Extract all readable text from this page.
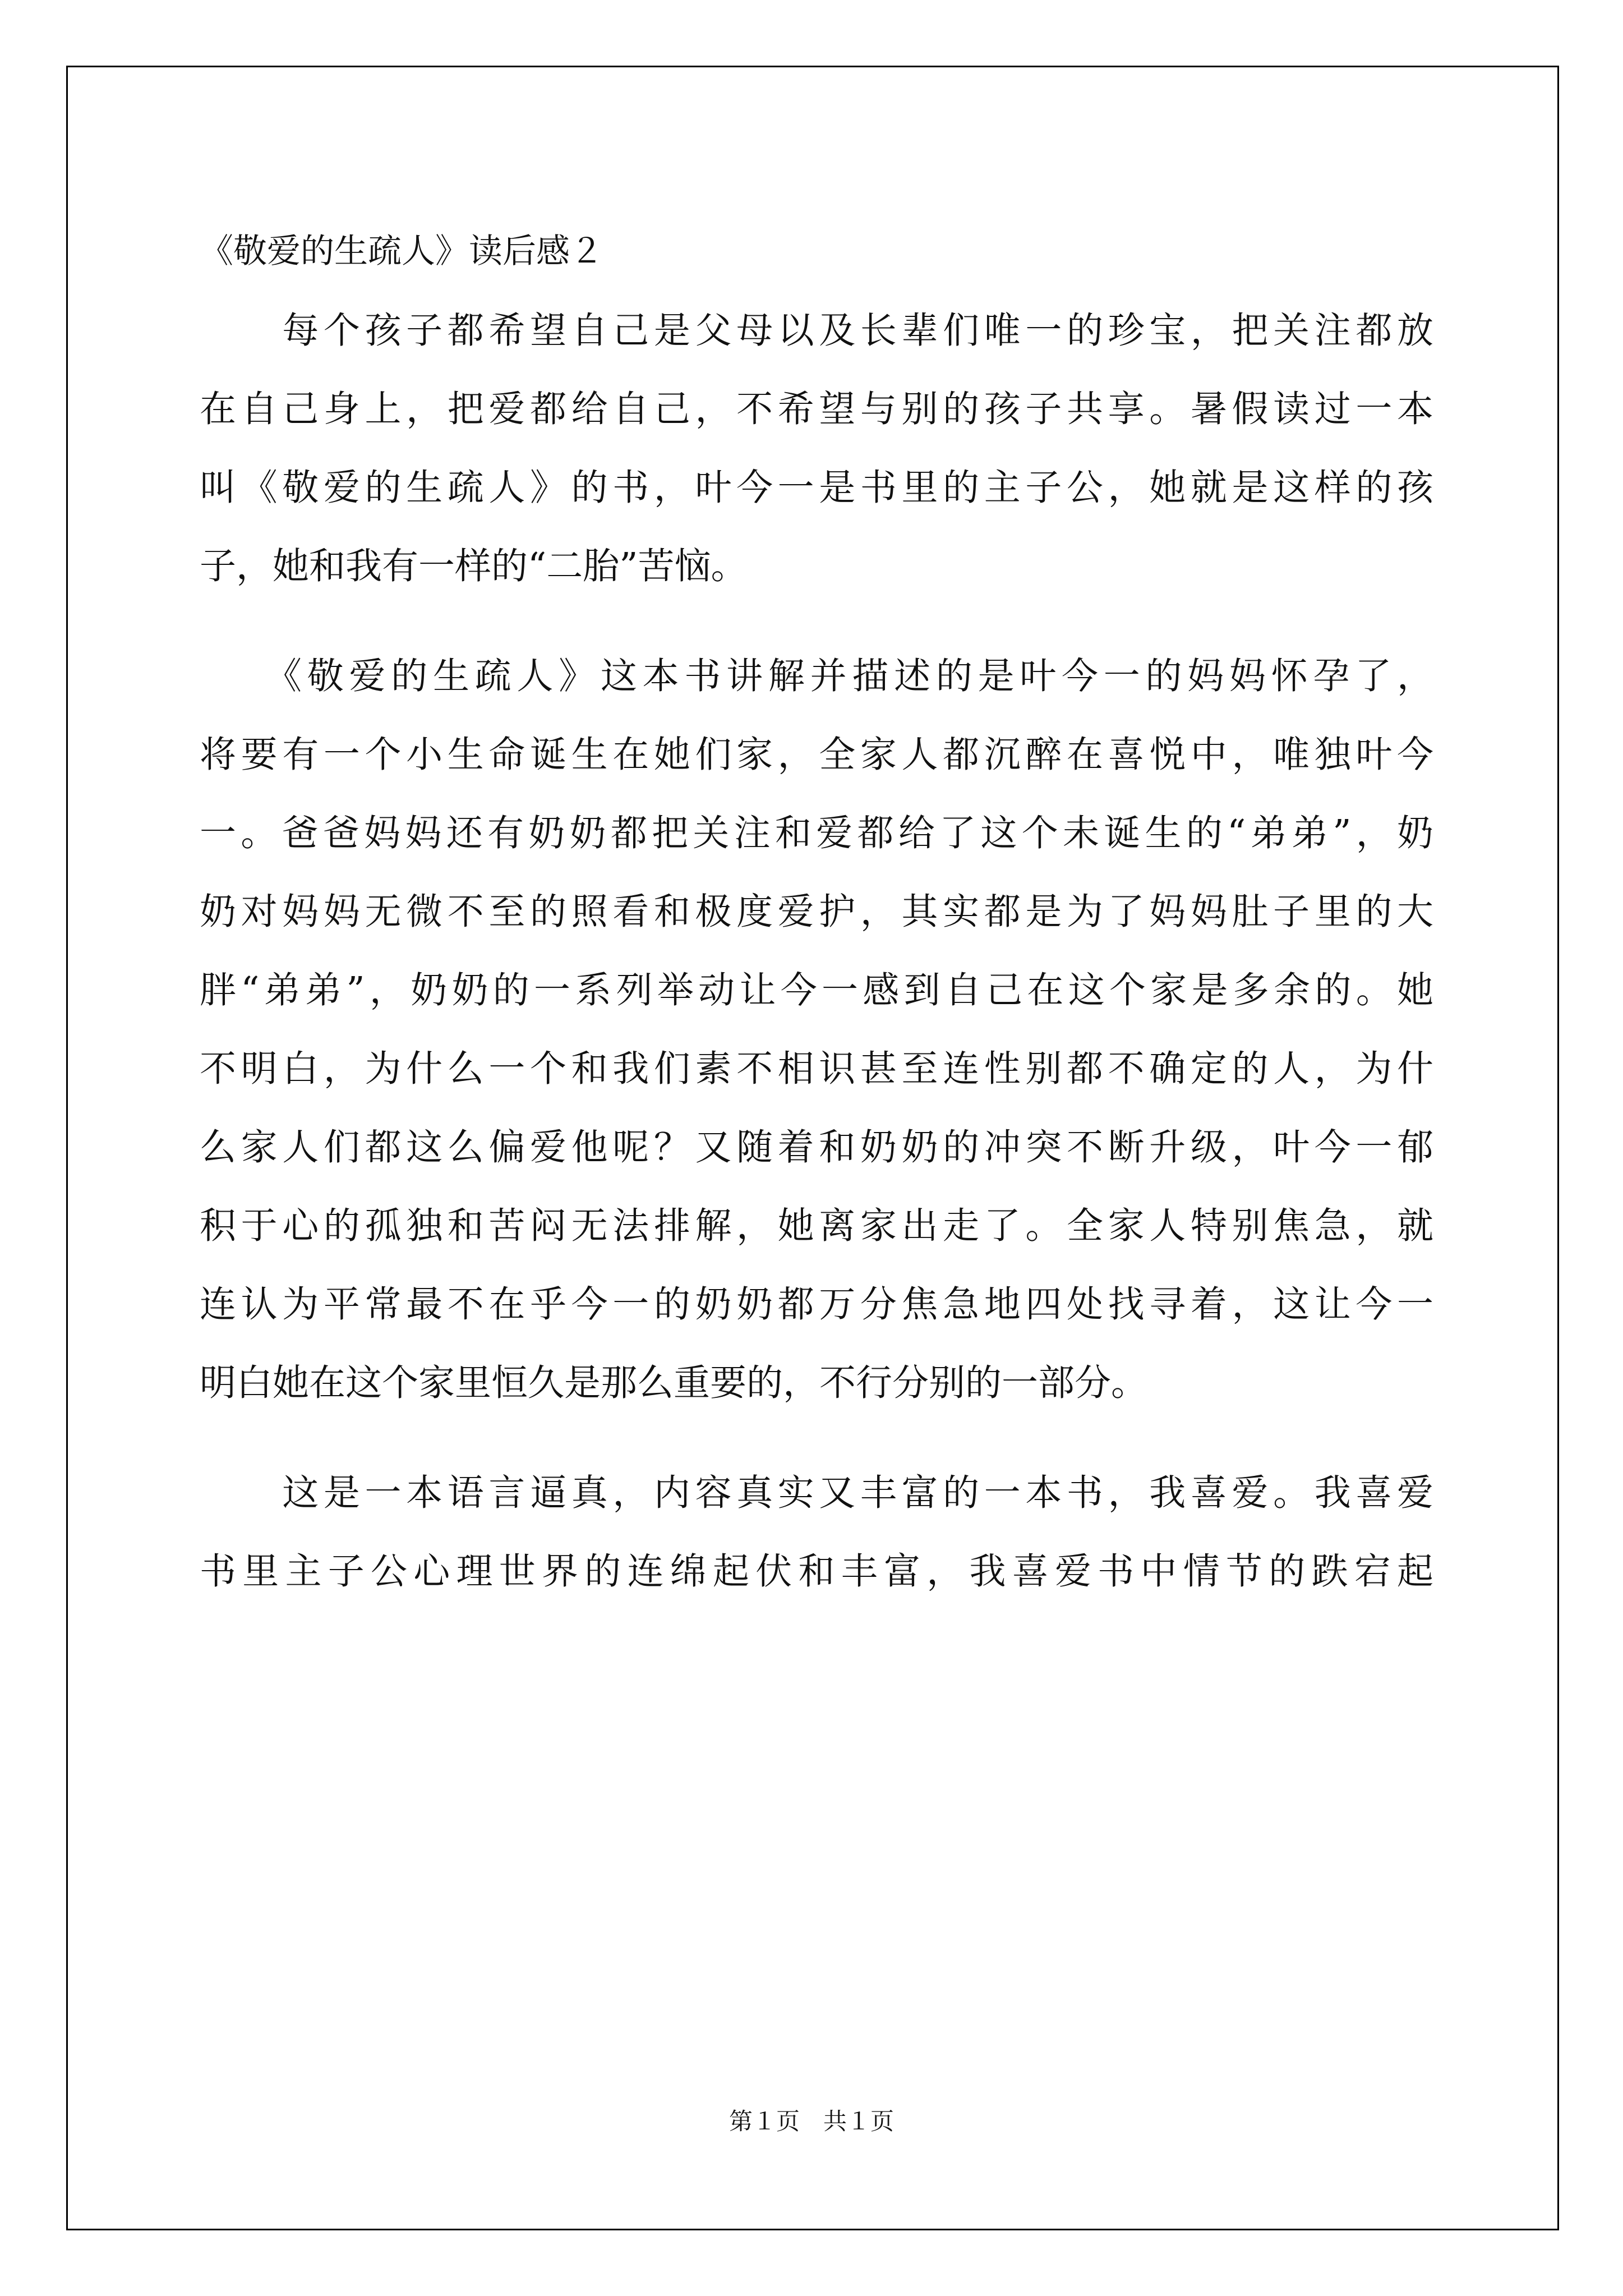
《敬爱的生疏人》读后感２

　　每个孩子都希望自己是父母以及长辈们唯一的珍宝，把关注都放
在自己身上，把爱都给自己，不希望与别的孩子共享。暑假读过一本
叫《敬爱的生疏人》的书，叶今一是书里的主子公，她就是这样的孩
子，她和我有一样的“二胎”苦恼。

　　《敬爱的生疏人》这本书讲解并描述的是叶今一的妈妈怀孕了，
将要有一个小生命诞生在她们家，全家人都沉醉在喜悦中，唯独叶今
一。爸爸妈妈还有奶奶都把关注和爱都给了这个未诞生的“弟弟”，奶
奶对妈妈无微不至的照看和极度爱护，其实都是为了妈妈肚子里的大
胖“弟弟”，奶奶的一系列举动让今一感到自己在这个家是多余的。她
不明白，为什么一个和我们素不相识甚至连性别都不确定的人，为什
么家人们都这么偏爱他呢？又随着和奶奶的冲突不断升级，叶今一郁
积于心的孤独和苦闷无法排解，她离家出走了。全家人特别焦急，就
连认为平常最不在乎今一的奶奶都万分焦急地四处找寻着，这让今一
明白她在这个家里恒久是那么重要的，不行分别的一部分。

　　这是一本语言逼真，内容真实又丰富的一本书，我喜爱。我喜爱
书里主子公心理世界的连绵起伏和丰富，我喜爱书中情节的跌宕起

第１页　共１页
